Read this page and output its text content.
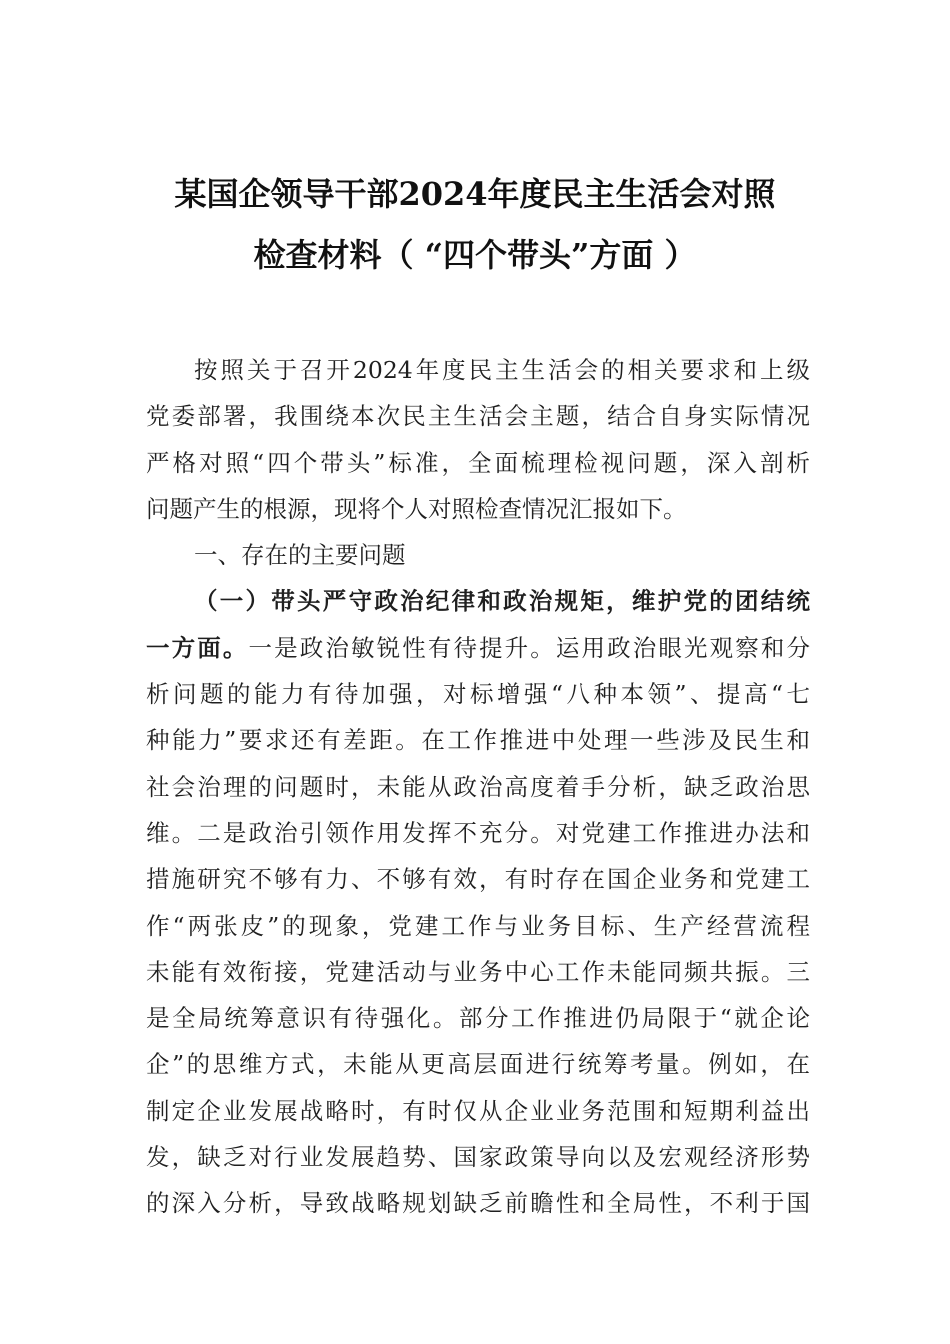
某国企领导干部2024年度民主生活会对照
检查材料（ “四个带头”方面 ）
按照关于召开2024年度民主生活会的相关要求和上级
党委部署，我围绕本次民主生活会主题，结合自身实际情况
严格对照“四个带头”标准，全面梳理检视问题，深入剖析
问题产生的根源，现将个人对照检查情况汇报如下。
一、存在的主要问题
（一）带头严守政治纪律和政治规矩，维护党的团结统
一方面。一是政治敏锐性有待提升。运用政治眼光观察和分
析问题的能力有待加强，对标增强“八种本领”、提高“七
种能力”要求还有差距。在工作推进中处理一些涉及民生和
社会治理的问题时，未能从政治高度着手分析，缺乏政治思
维。二是政治引领作用发挥不充分。对党建工作推进办法和
措施研究不够有力、不够有效，有时存在国企业务和党建工
作“两张皮”的现象，党建工作与业务目标、生产经营流程
未能有效衔接，党建活动与业务中心工作未能同频共振。三
是全局统筹意识有待强化。部分工作推进仍局限于“就企论
企”的思维方式，未能从更高层面进行统筹考量。例如，在
制定企业发展战略时，有时仅从企业业务范围和短期利益出
发，缺乏对行业发展趋势、国家政策导向以及宏观经济形势
的深入分析，导致战略规划缺乏前瞻性和全局性，不利于国
